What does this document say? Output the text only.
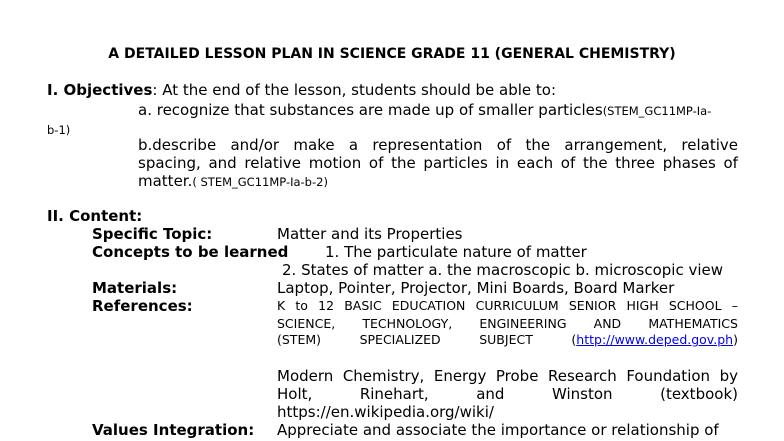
A DETAILED LESSON PLAN IN SCIENCE GRADE 11 (GENERAL CHEMISTRY)
I. Objectives: At the end of the lesson, students should be able to:
a. recognize that substances are made up of smaller particles(STEM_GC11MP-Ia-
b-1)
b.describe and/or make a representation of the arrangement, relative
spacing, and relative motion of the particles in each of the three phases of
matter.( STEM_GC11MP-Ia-b-2)
II. Content:
Specific Topic:	Matter and its Properties
Concepts to be learned 1. The particulate nature of matter
2. States of matter a. the macroscopic b. microscopic view
Materials:	Laptop, Pointer, Projector, Mini Boards, Board Marker
References:	K to 12 BASIC EDUCATION CURRICULUM SENIOR HIGH SCHOOL –
SCIENCE, TECHNOLOGY, ENGINEERING AND MATHEMATICS
(STEM)	SPECIALIZED	SUBJECT	(http://www.deped.gov.ph)
Modern Chemistry, Energy Probe Research Foundation by
Holt,	Rinehart,	and	Winston	(textbook)
https://en.wikipedia.org/wiki/
Values Integration: Appreciate and associate the importance or relationship of
